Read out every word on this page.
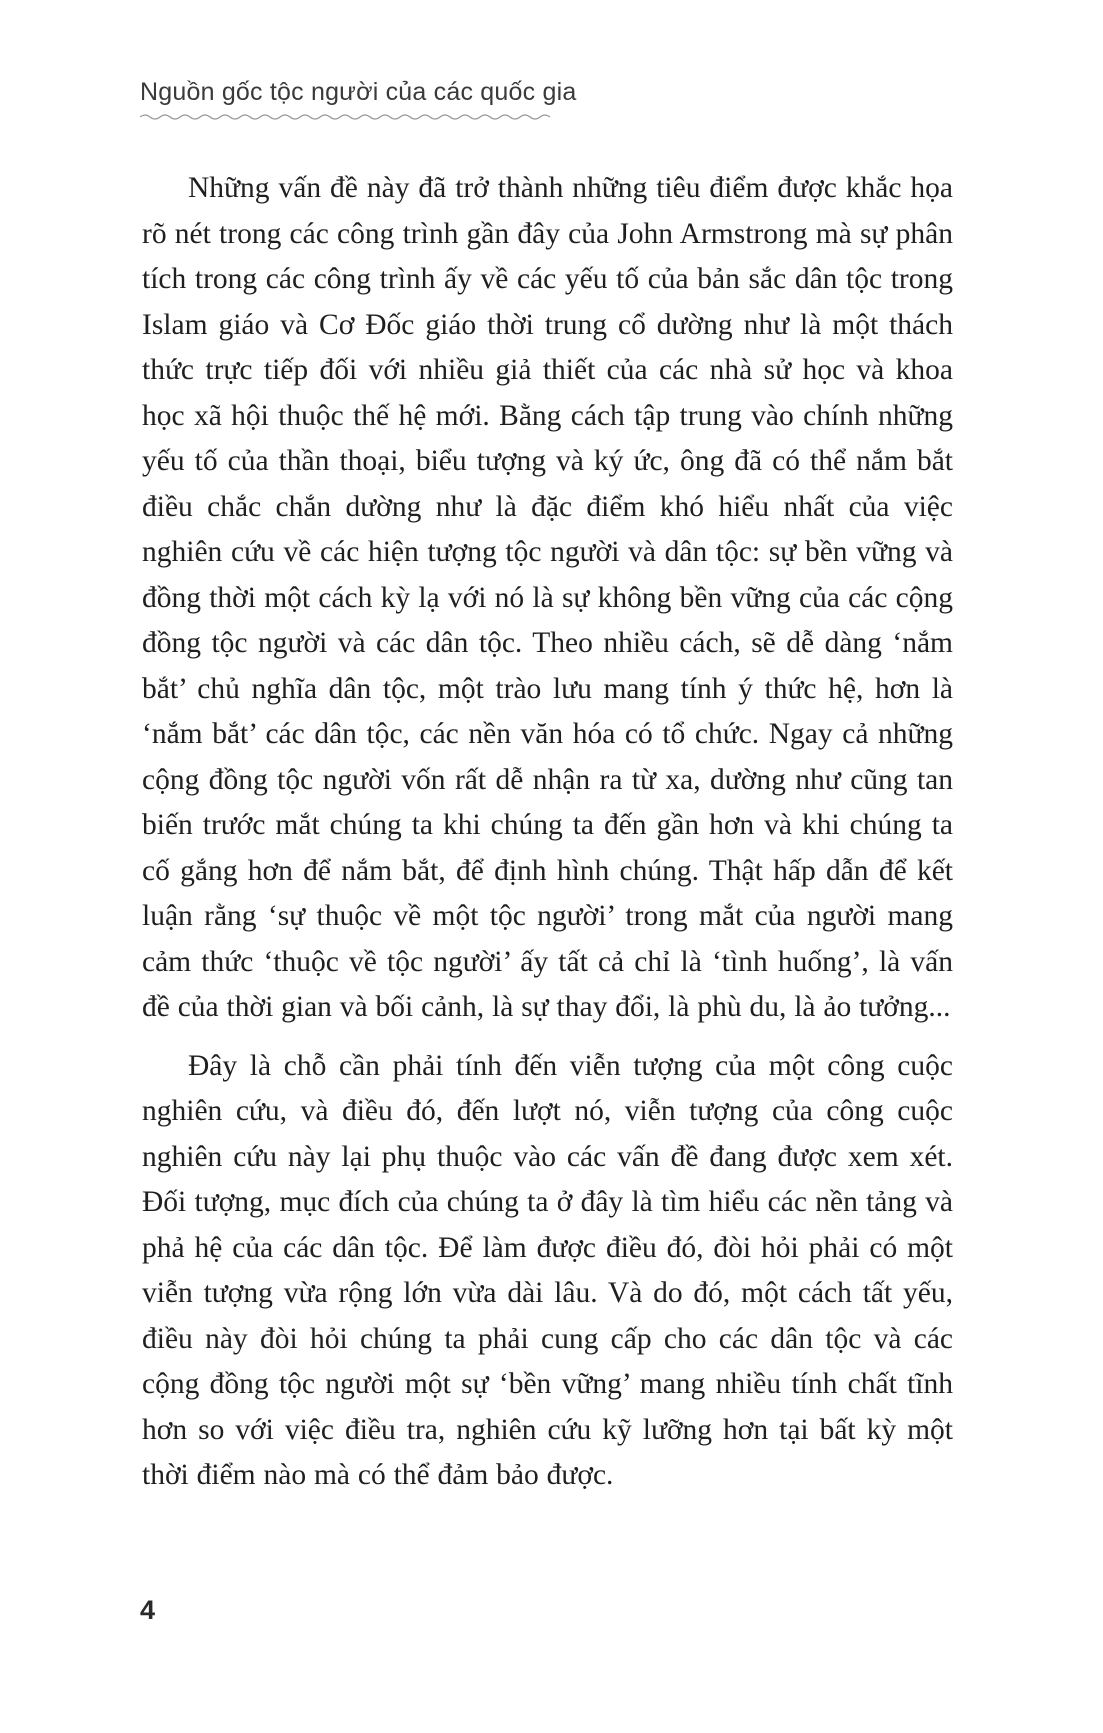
Nguồn gốc tộc người của các quốc gia

Những vấn đề này đã trở thành những tiêu điểm được khắc họa rõ nét trong các công trình gần đây của John Armstrong mà sự phân tích trong các công trình ấy về các yếu tố của bản sắc dân tộc trong Islam giáo và Cơ Đốc giáo thời trung cổ dường như là một thách thức trực tiếp đối với nhiều giả thiết của các nhà sử học và khoa học xã hội thuộc thế hệ mới. Bằng cách tập trung vào chính những yếu tố của thần thoại, biểu tượng và ký ức, ông đã có thể nắm bắt điều chắc chắn dường như là đặc điểm khó hiểu nhất của việc nghiên cứu về các hiện tượng tộc người và dân tộc: sự bền vững và đồng thời một cách kỳ lạ với nó là sự không bền vững của các cộng đồng tộc người và các dân tộc. Theo nhiều cách, sẽ dễ dàng ‘nắm bắt’ chủ nghĩa dân tộc, một trào lưu mang tính ý thức hệ, hơn là ‘nắm bắt’ các dân tộc, các nền văn hóa có tổ chức. Ngay cả những cộng đồng tộc người vốn rất dễ nhận ra từ xa, dường như cũng tan biến trước mắt chúng ta khi chúng ta đến gần hơn và khi chúng ta cố gắng hơn để nắm bắt, để định hình chúng. Thật hấp dẫn để kết luận rằng ‘sự thuộc về một tộc người’ trong mắt của người mang cảm thức ‘thuộc về tộc người’ ấy tất cả chỉ là ‘tình huống’, là vấn đề của thời gian và bối cảnh, là sự thay đổi, là phù du, là ảo tưởng...

Đây là chỗ cần phải tính đến viễn tượng của một công cuộc nghiên cứu, và điều đó, đến lượt nó, viễn tượng của công cuộc nghiên cứu này lại phụ thuộc vào các vấn đề đang được xem xét. Đối tượng, mục đích của chúng ta ở đây là tìm hiểu các nền tảng và phả hệ của các dân tộc. Để làm được điều đó, đòi hỏi phải có một viễn tượng vừa rộng lớn vừa dài lâu. Và do đó, một cách tất yếu, điều này đòi hỏi chúng ta phải cung cấp cho các dân tộc và các cộng đồng tộc người một sự ‘bền vững’ mang nhiều tính chất tĩnh hơn so với việc điều tra, nghiên cứu kỹ lưỡng hơn tại bất kỳ một thời điểm nào mà có thể đảm bảo được.

4
